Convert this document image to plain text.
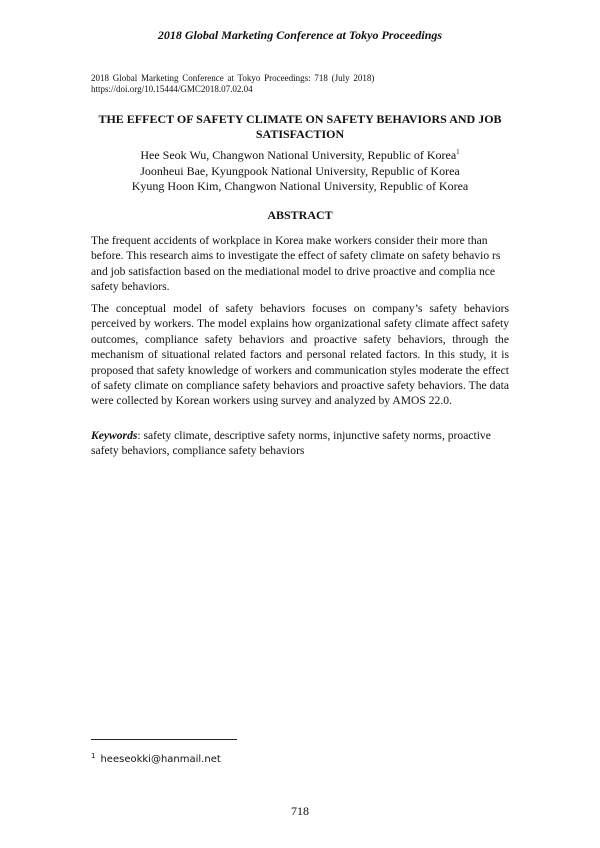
2018 Global Marketing Conference at Tokyo Proceedings
2018 Global Marketing Conference at Tokyo Proceedings: 718 (July 2018)
https://doi.org/10.15444/GMC2018.07.02.04
THE EFFECT OF SAFETY CLIMATE ON SAFETY BEHAVIORS AND JOB SATISFACTION
Hee Seok Wu, Changwon National University, Republic of Korea$^1$
Joonheui Bae, Kyungpook National University, Republic of Korea
Kyung Hoon Kim, Changwon National University, Republic of Korea
ABSTRACT

The frequent accidents of workplace in Korea make workers consider their more than before. This research aims to investigate the effect of safety climate on safety behavio rs and job satisfaction based on the mediational model to drive proactive and complia nce safety behaviors.

The conceptual model of safety behaviors focuses on company’s safety behaviors perceived by workers. The model explains how organizational safety climate affect safety outcomes, compliance safety behaviors and proactive safety behaviors, through the mechanism of situational related factors and personal related factors. In this study, it is proposed that safety knowledge of workers and communication styles moderate the effect of safety climate on compliance safety behaviors and proactive safety behaviors. The data were collected by Korean workers using survey and analyzed by AMOS 22.0.

Keywords: safety climate, descriptive safety norms, injunctive safety norms, proactive safety behaviors, compliance safety behaviors

$^1$ heeseokki@hanmail.net
718
